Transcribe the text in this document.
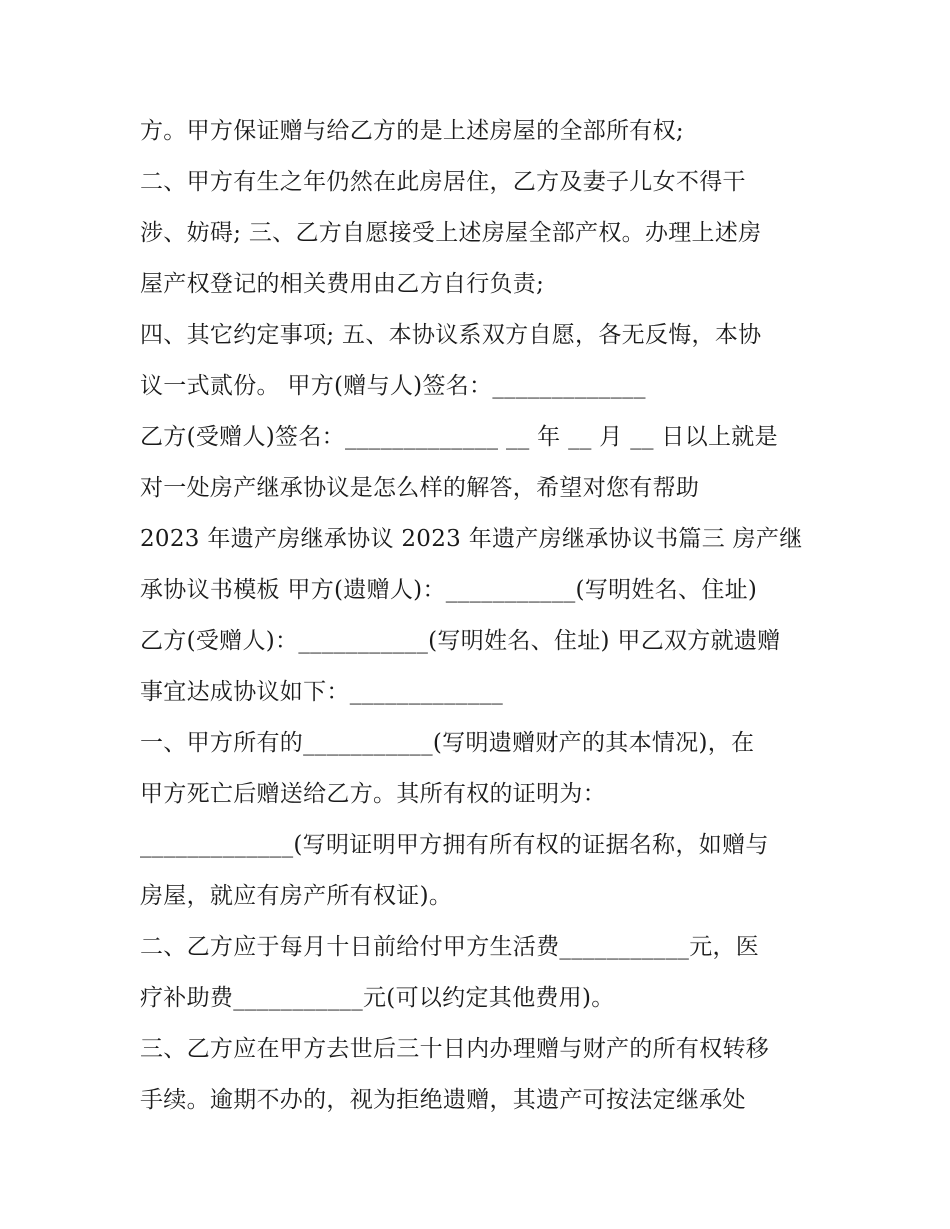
方。甲方保证赠与给乙方的是上述房屋的全部所有权;
二、甲方有生之年仍然在此房居住，乙方及妻子儿女不得干
涉、妨碍; 三、乙方自愿接受上述房屋全部产权。办理上述房
屋产权登记的相关费用由乙方自行负责;
四、其它约定事项; 五、本协议系双方自愿，各无反悔，本协
议一式贰份。 甲方(赠与人)签名：_____________
乙方(受赠人)签名：_____________ __ 年 __ 月 __ 日以上就是
对一处房产继承协议是怎么样的解答，希望对您有帮助
2023 年遗产房继承协议 2023 年遗产房继承协议书篇三 房产继
承协议书模板 甲方(遗赠人)：___________(写明姓名、住址)
乙方(受赠人)：___________(写明姓名、住址) 甲乙双方就遗赠
事宜达成协议如下：_____________
一、甲方所有的___________(写明遗赠财产的其本情况)，在
甲方死亡后赠送给乙方。其所有权的证明为：
_____________(写明证明甲方拥有所有权的证据名称，如赠与
房屋，就应有房产所有权证)。
二、乙方应于每月十日前给付甲方生活费___________元，医
疗补助费___________元(可以约定其他费用)。
三、乙方应在甲方去世后三十日内办理赠与财产的所有权转移
手续。逾期不办的，视为拒绝遗赠，其遗产可按法定继承处
